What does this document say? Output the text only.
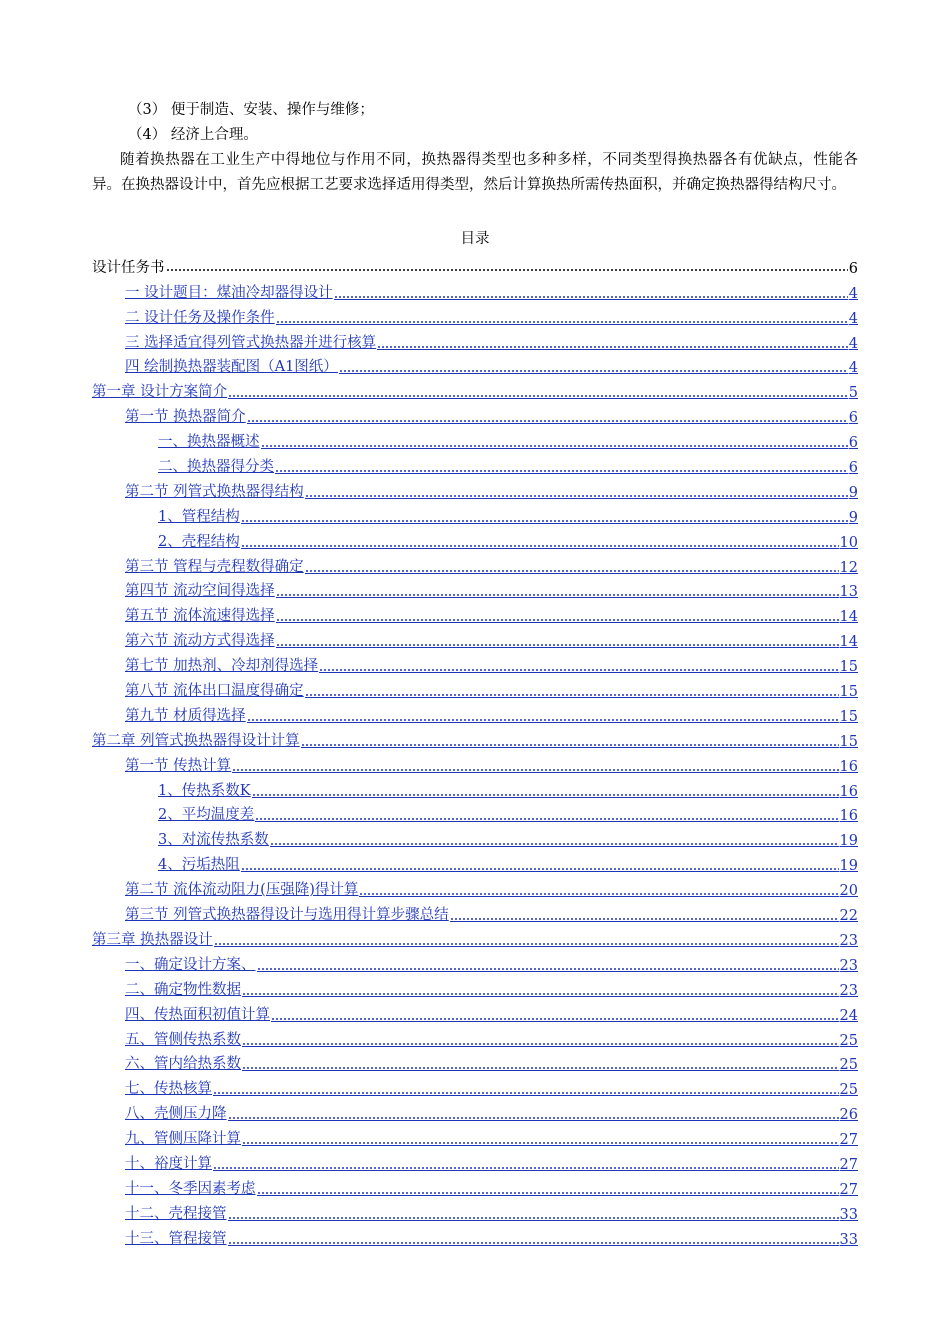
（3） 便于制造、安装、操作与维修；

（4） 经济上合理。

随着换热器在工业生产中得地位与作用不同，换热器得类型也多种多样，不同类型得换热器各有优缺点，性能各异。在换热器设计中，首先应根据工艺要求选择适用得类型，然后计算换热所需传热面积，并确定换热器得结构尺寸。

目录
设计任务书	6
一 设计题目：煤油冷却器得设计	4
二 设计任务及操作条件	4
三 选择适宜得列管式换热器并进行核算	4
四 绘制换热器装配图（A1图纸）	4
第一章 设计方案简介	5
第一节 换热器简介	6
一、换热器概述	6
二、换热器得分类	6
第二节 列管式换热器得结构	9
1、管程结构	9
2、壳程结构	10
第三节 管程与壳程数得确定	12
第四节 流动空间得选择	13
第五节 流体流速得选择	14
第六节 流动方式得选择	14
第七节 加热剂、冷却剂得选择	15
第八节 流体出口温度得确定	15
第九节 材质得选择	15
第二章 列管式换热器得设计计算	15
第一节 传热计算	16
1、传热系数K	16
2、平均温度差	16
3、对流传热系数	19
4、污垢热阻	19
第二节 流体流动阻力(压强降)得计算	20
第三节 列管式换热器得设计与选用得计算步骤总结	22
第三章 换热器设计	23
一、确定设计方案、	23
二、确定物性数据	23
四、传热面积初值计算	24
五、管侧传热系数	25
六、管内给热系数	25
七、传热核算	25
八、壳侧压力降	26
九、管侧压降计算	27
十、裕度计算	27
十一、冬季因素考虑	27
十二、壳程接管	33
十三、管程接管	33
